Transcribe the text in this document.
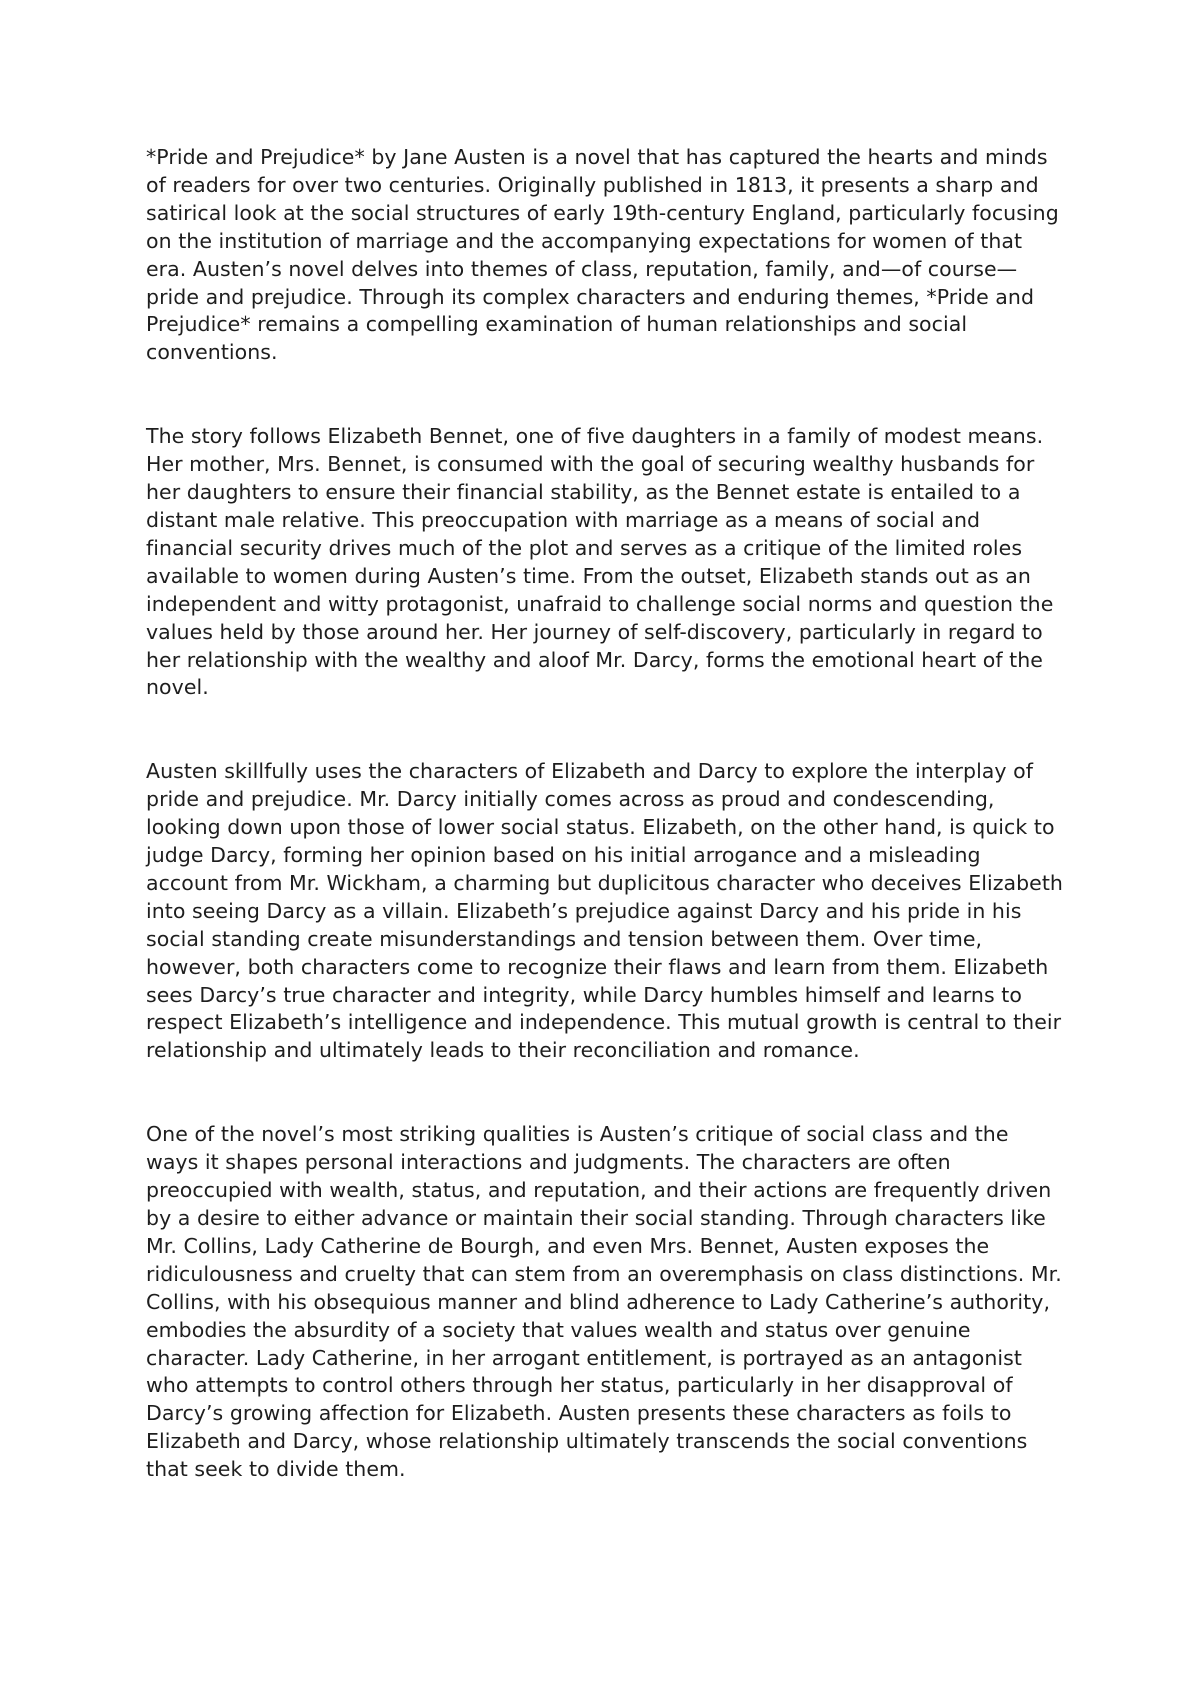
*Pride and Prejudice* by Jane Austen is a novel that has captured the hearts and minds of readers for over two centuries. Originally published in 1813, it presents a sharp and satirical look at the social structures of early 19th-century England, particularly focusing on the institution of marriage and the accompanying expectations for women of that era. Austen’s novel delves into themes of class, reputation, family, and—of course—pride and prejudice. Through its complex characters and enduring themes, *Pride and Prejudice* remains a compelling examination of human relationships and social conventions.

The story follows Elizabeth Bennet, one of five daughters in a family of modest means. Her mother, Mrs. Bennet, is consumed with the goal of securing wealthy husbands for her daughters to ensure their financial stability, as the Bennet estate is entailed to a distant male relative. This preoccupation with marriage as a means of social and financial security drives much of the plot and serves as a critique of the limited roles available to women during Austen’s time. From the outset, Elizabeth stands out as an independent and witty protagonist, unafraid to challenge social norms and question the values held by those around her. Her journey of self-discovery, particularly in regard to her relationship with the wealthy and aloof Mr. Darcy, forms the emotional heart of the novel.

Austen skillfully uses the characters of Elizabeth and Darcy to explore the interplay of pride and prejudice. Mr. Darcy initially comes across as proud and condescending, looking down upon those of lower social status. Elizabeth, on the other hand, is quick to judge Darcy, forming her opinion based on his initial arrogance and a misleading account from Mr. Wickham, a charming but duplicitous character who deceives Elizabeth into seeing Darcy as a villain. Elizabeth’s prejudice against Darcy and his pride in his social standing create misunderstandings and tension between them. Over time, however, both characters come to recognize their flaws and learn from them. Elizabeth sees Darcy’s true character and integrity, while Darcy humbles himself and learns to respect Elizabeth’s intelligence and independence. This mutual growth is central to their relationship and ultimately leads to their reconciliation and romance.

One of the novel’s most striking qualities is Austen’s critique of social class and the ways it shapes personal interactions and judgments. The characters are often preoccupied with wealth, status, and reputation, and their actions are frequently driven by a desire to either advance or maintain their social standing. Through characters like Mr. Collins, Lady Catherine de Bourgh, and even Mrs. Bennet, Austen exposes the ridiculousness and cruelty that can stem from an overemphasis on class distinctions. Mr. Collins, with his obsequious manner and blind adherence to Lady Catherine’s authority, embodies the absurdity of a society that values wealth and status over genuine character. Lady Catherine, in her arrogant entitlement, is portrayed as an antagonist who attempts to control others through her status, particularly in her disapproval of Darcy’s growing affection for Elizabeth. Austen presents these characters as foils to Elizabeth and Darcy, whose relationship ultimately transcends the social conventions that seek to divide them.
